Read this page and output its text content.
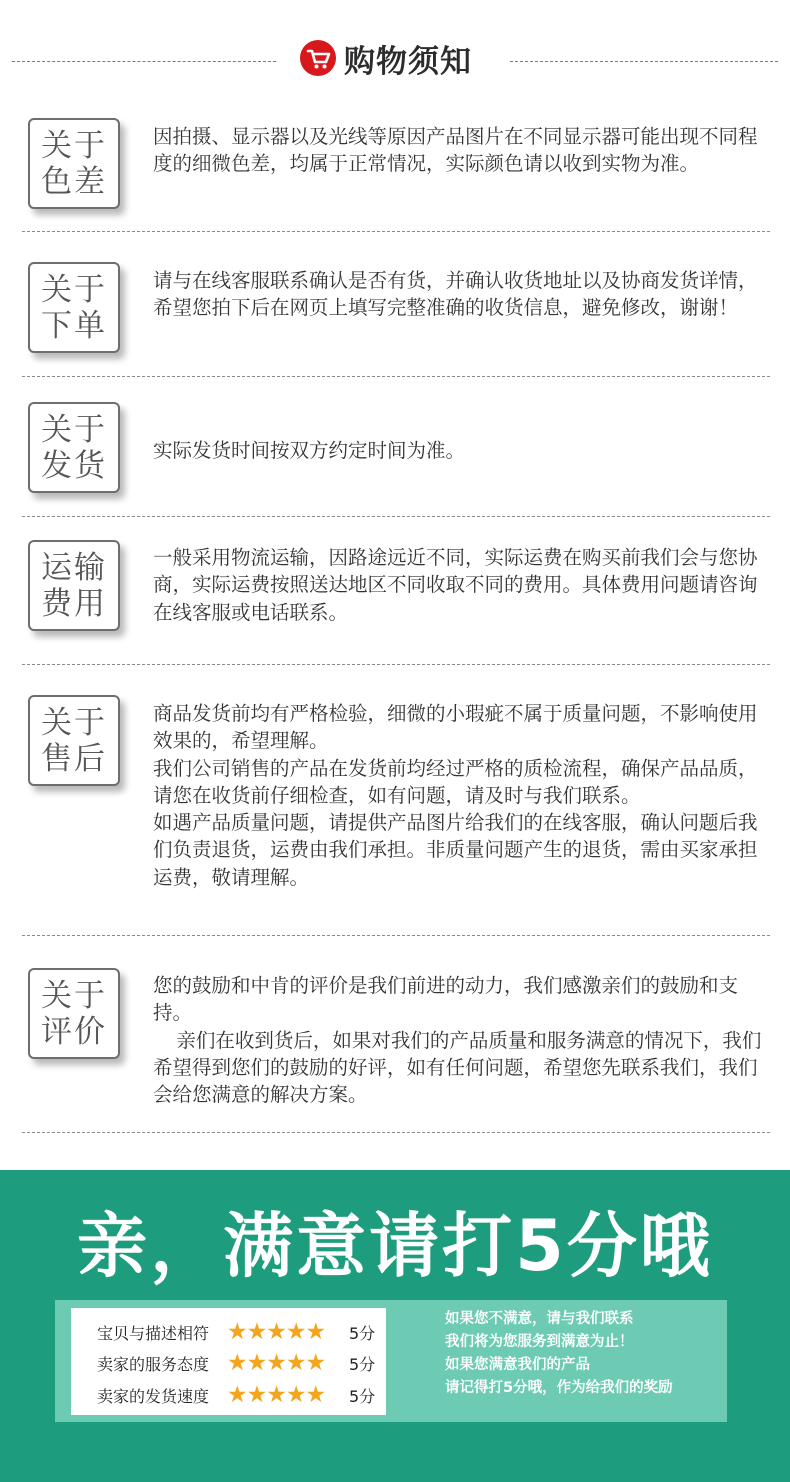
购物须知
关于
色差

因拍摄、显示器以及光线等原因产品图片在不同显示器可能出现不同程度的细微色差，均属于正常情况，实际颜色请以收到实物为准。

关于
下单

请与在线客服联系确认是否有货，并确认收货地址以及协商发货详情，希望您拍下后在网页上填写完整准确的收货信息，避免修改，谢谢！

关于
发货	实际发货时间按双方约定时间为准。

运输
费用

一般采用物流运输，因路途远近不同，实际运费在购买前我们会与您协商，实际运费按照送达地区不同收取不同的费用。具体费用问题请咨询在线客服或电话联系。

关于
售后

商品发货前均有严格检验，细微的小瑕疵不属于质量问题，不影响使用效果的，希望理解。

我们公司销售的产品在发货前均经过严格的质检流程，确保产品品质，请您在收货前仔细检查，如有问题，请及时与我们联系。

如遇产品质量问题，请提供产品图片给我们的在线客服，确认问题后我们负责退货，运费由我们承担。非质量问题产生的退货，需由买家承担运费，敬请理解。

关于
评价

您的鼓励和中肯的评价是我们前进的动力，我们感激亲们的鼓励和支持。

亲们在收到货后，如果对我们的产品质量和服务满意的情况下，我们希望得到您们的鼓励的好评，如有任何问题，希望您先联系我们，我们会给您满意的解决方案。

亲，满意请打5分哦
宝贝与描述相符 ★★★★★ 5分
卖家的服务态度 ★★★★★ 5分
卖家的发货速度 ★★★★★ 5分
如果您不满意，请与我们联系
我们将为您服务到满意为止！
如果您满意我们的产品
请记得打5分哦，作为给我们的奖励
